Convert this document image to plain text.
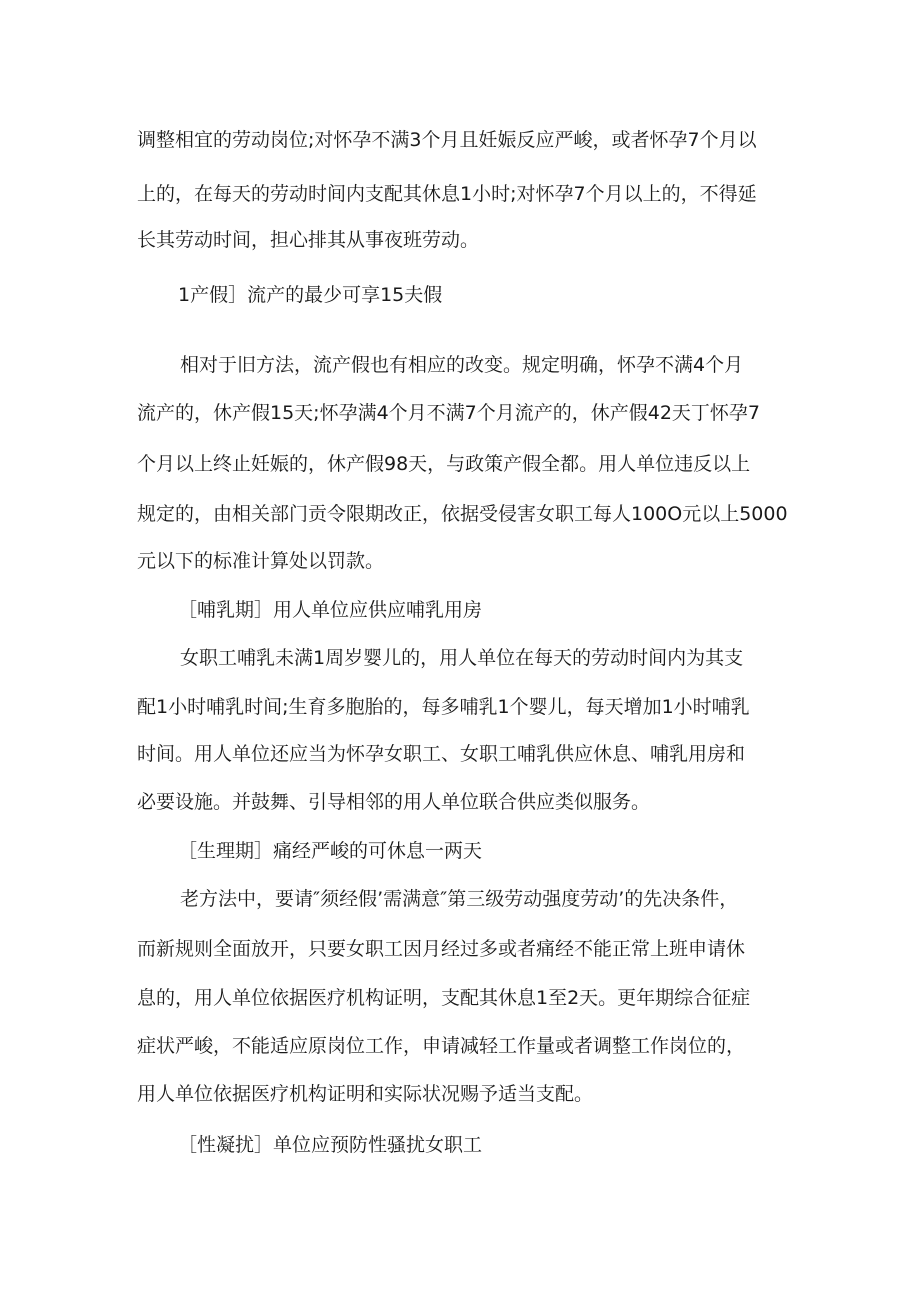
调整相宜的劳动岗位;对怀孕不满3个月且妊娠反应严峻，或者怀孕7个月以
上的，在每天的劳动时间内支配其休息1小时;对怀孕7个月以上的，不得延
长其劳动时间，担心排其从事夜班劳动。
1产假］流产的最少可享15夫假
相对于旧方法，流产假也有相应的改变。规定明确，怀孕不满4个月
流产的，休产假15天;怀孕满4个月不满7个月流产的，休产假42天丁怀孕7
个月以上终止妊娠的，休产假98天，与政策产假全都。用人单位违反以上
规定的，由相关部门贡令限期改正，依据受侵害女职工每人100O元以上5000
元以下的标准计算处以罚款。
［哺乳期］用人单位应供应哺乳用房
女职工哺乳未满1周岁婴儿的，用人单位在每天的劳动时间内为其支
配1小时哺乳时间;生育多胞胎的，每多哺乳1个婴儿，每天增加1小时哺乳
时间。用人单位还应当为怀孕女职工、女职工哺乳供应休息、哺乳用房和
必要设施。并鼓舞、引导相邻的用人单位联合供应类似服务。
［生理期］痛经严峻的可休息一两天
老方法中，要请″须经假’需满意″第三级劳动强度劳动’的先决条件，
而新规则全面放开，只要女职工因月经过多或者痛经不能正常上班申请休
息的，用人单位依据医疗机构证明，支配其休息1至2天。更年期综合征症
症状严峻，不能适应原岗位工作，申请减轻工作量或者调整工作岗位的，
用人单位依据医疗机构证明和实际状况赐予适当支配。
［性凝扰］单位应预防性骚扰女职工
